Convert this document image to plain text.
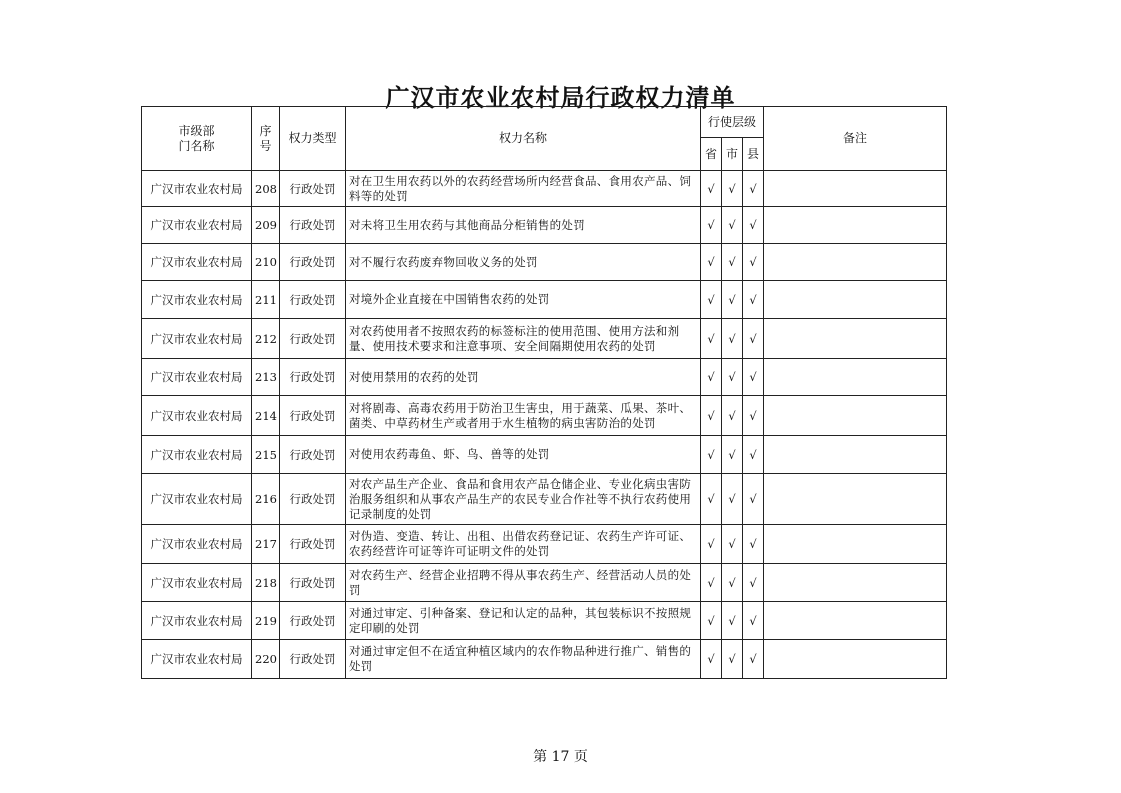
广汉市农业农村局行政权力清单
市级部门名称	序号	权力类型	权力名称	行使层级			备注
				省	市	县	
广汉市农业农村局	208	行政处罚	对在卫生用农药以外的农药经营场所内经营食品、食用农产品、饲料等的处罚	√	√	√	
广汉市农业农村局	209	行政处罚	对未将卫生用农药与其他商品分柜销售的处罚	√	√	√	
广汉市农业农村局	210	行政处罚	对不履行农药废弃物回收义务的处罚	√	√	√	
广汉市农业农村局	211	行政处罚	对境外企业直接在中国销售农药的处罚	√	√	√	
广汉市农业农村局	212	行政处罚	对农药使用者不按照农药的标签标注的使用范围、使用方法和剂量、使用技术要求和注意事项、安全间隔期使用农药的处罚	√	√	√	
广汉市农业农村局	213	行政处罚	对使用禁用的农药的处罚	√	√	√	
广汉市农业农村局	214	行政处罚	对将剧毒、高毒农药用于防治卫生害虫，用于蔬菜、瓜果、茶叶、菌类、中草药材生产或者用于水生植物的病虫害防治的处罚	√	√	√	
广汉市农业农村局	215	行政处罚	对使用农药毒鱼、虾、鸟、兽等的处罚	√	√	√	
广汉市农业农村局	216	行政处罚	对农产品生产企业、食品和食用农产品仓储企业、专业化病虫害防治服务组织和从事农产品生产的农民专业合作社等不执行农药使用记录制度的处罚	√	√	√	
广汉市农业农村局	217	行政处罚	对伪造、变造、转让、出租、出借农药登记证、农药生产许可证、农药经营许可证等许可证明文件的处罚	√	√	√	
广汉市农业农村局	218	行政处罚	对农药生产、经营企业招聘不得从事农药生产、经营活动人员的处罚	√	√	√	
广汉市农业农村局	219	行政处罚	对通过审定、引种备案、登记和认定的品种，其包装标识不按照规定印刷的处罚	√	√	√	
广汉市农业农村局	220	行政处罚	对通过审定但不在适宜种植区域内的农作物品种进行推广、销售的处罚	√	√	√	
第 17 页
